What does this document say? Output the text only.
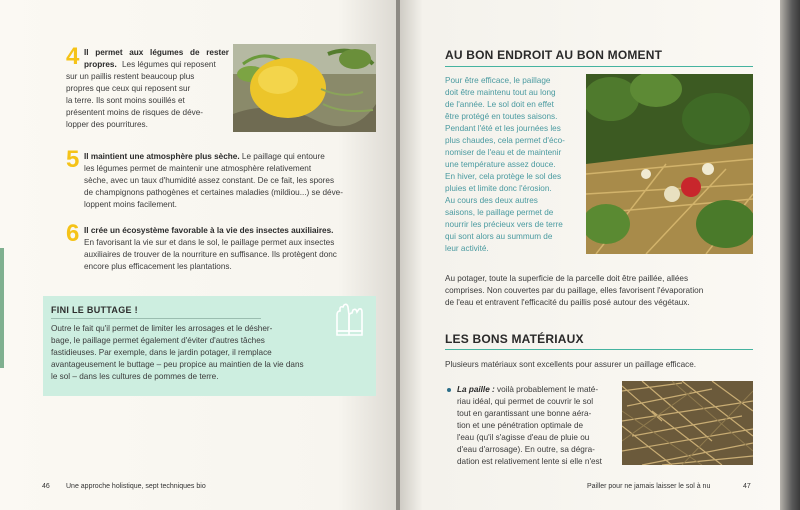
4 Il permet aux légumes de rester propres. Les légumes qui reposent
sur un paillis restent beaucoup plus
propres que ceux qui reposent sur
la terre. Ils sont moins souillés et
présentent moins de risques de déve-
lopper des pourritures.
5 Il maintient une atmosphère plus sèche. Le paillage qui entoure
les légumes permet de maintenir une atmosphère relativement
sèche, avec un taux d'humidité assez constant. De ce fait, les spores
de champignons pathogènes et certaines maladies (mildiou...) se déve-
loppent moins facilement.
6 Il crée un écosystème favorable à la vie des insectes auxiliaires.
En favorisant la vie sur et dans le sol, le paillage permet aux insectes
auxiliaires de trouver de la nourriture en suffisance. Ils protègent donc
encore plus efficacement les plantations.
FINI LE BUTTAGE !
Outre le fait qu'il permet de limiter les arrosages et le désher-
bage, le paillage permet également d'éviter d'autres tâches
fastidieuses. Par exemple, dans le jardin potager, il remplace
avantageusement le buttage – peu propice au maintien de la vie dans
le sol – dans les cultures de pommes de terre.
46 Une approche holistique, sept techniques bio
AU BON ENDROIT AU BON MOMENT
Pour être efficace, le paillage
doit être maintenu tout au long
de l'année. Le sol doit en effet
être protégé en toutes saisons.
Pendant l'été et les journées les
plus chaudes, cela permet d'éco-
nomiser de l'eau et de maintenir
une température assez douce.
En hiver, cela protège le sol des
pluies et limite donc l'érosion.
Au cours des deux autres
saisons, le paillage permet de
nourrir les précieux vers de terre
qui sont alors au summum de
leur activité.
Au potager, toute la superficie de la parcelle doit être paillée, allées
comprises. Non couvertes par du paillage, elles favorisent l'évaporation
de l'eau et entravent l'efficacité du paillis posé autour des végétaux.
LES BONS MATÉRIAUX
Plusieurs matériaux sont excellents pour assurer un paillage efficace.
La paille : voilà probablement le maté-
riau idéal, qui permet de couvrir le sol
tout en garantissant une bonne aéra-
tion et une pénétration optimale de
l'eau (qu'il s'agisse d'eau de pluie ou
d'eau d'arrosage). En outre, sa dégra-
dation est relativement lente si elle n'est
Pailler pour ne jamais laisser le sol à nu	47
